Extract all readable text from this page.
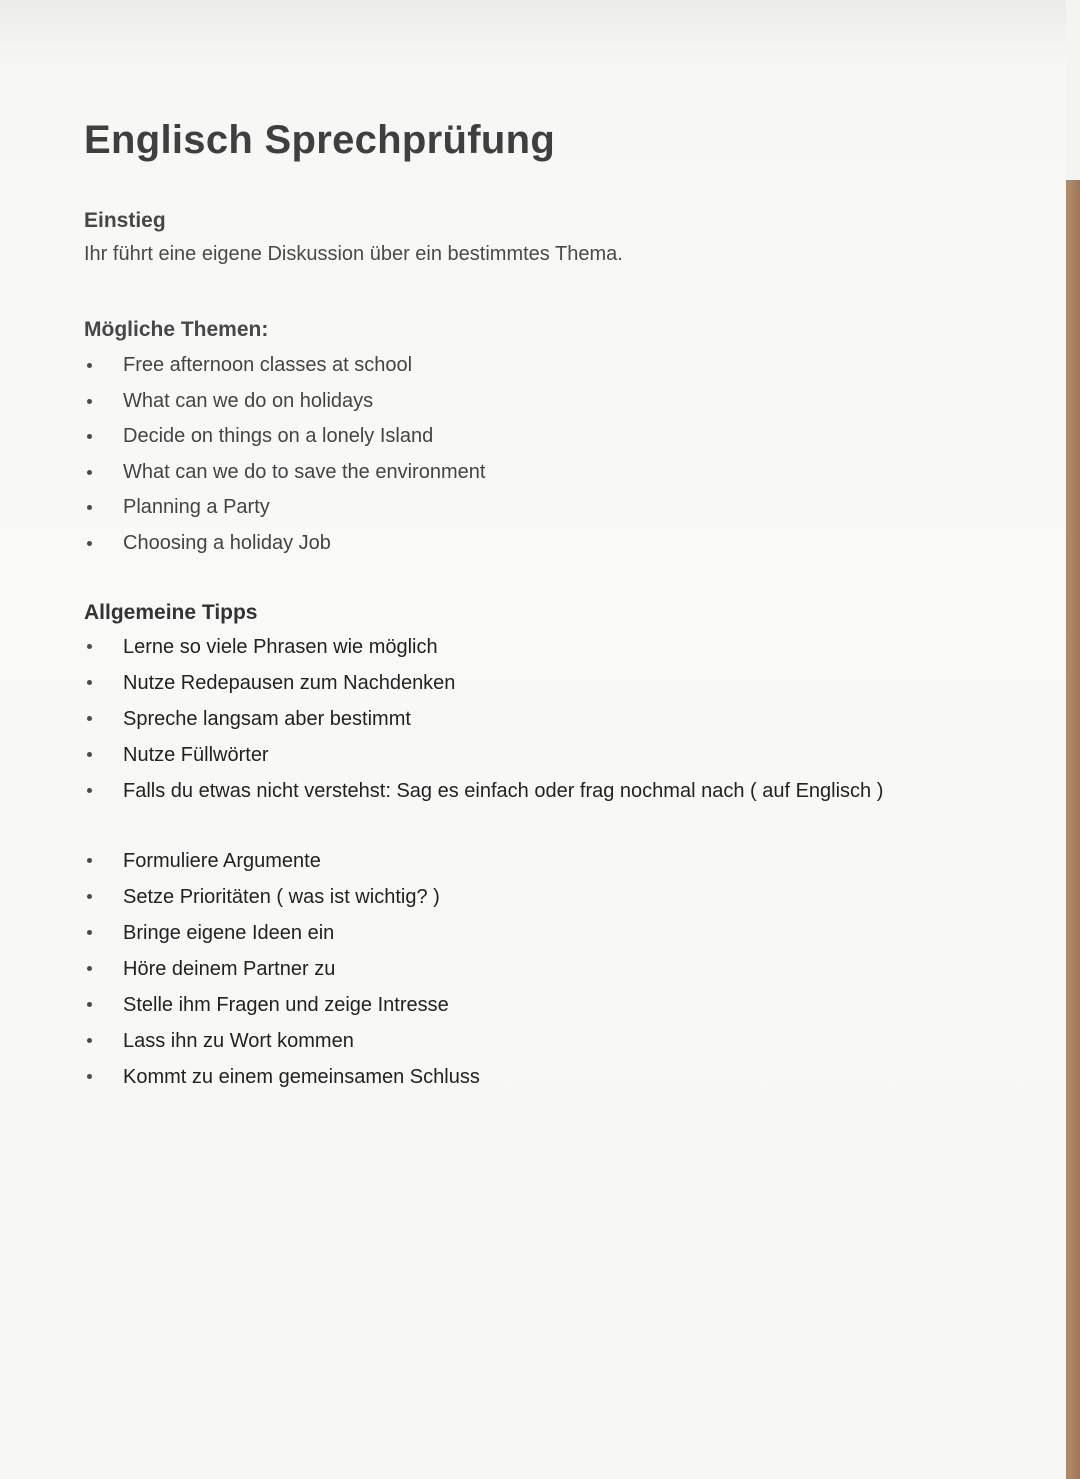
Englisch Sprechprüfung
Einstieg
Ihr führt eine eigene Diskussion über ein bestimmtes Thema.
Mögliche Themen:
Free afternoon classes at school
What can we do on holidays
Decide on things on a lonely Island
What can we do to save the environment
Planning a Party
Choosing a holiday Job
Allgemeine Tipps
Lerne so viele Phrasen wie möglich
Nutze Redepausen zum Nachdenken
Spreche langsam aber bestimmt
Nutze Füllwörter
Falls du etwas nicht verstehst: Sag es einfach oder frag nochmal nach ( auf Englisch )
Formuliere Argumente
Setze Prioritäten ( was ist wichtig? )
Bringe eigene Ideen ein
Höre deinem Partner zu
Stelle ihm Fragen und zeige Intresse
Lass ihn zu Wort kommen
Kommt zu einem gemeinsamen Schluss
